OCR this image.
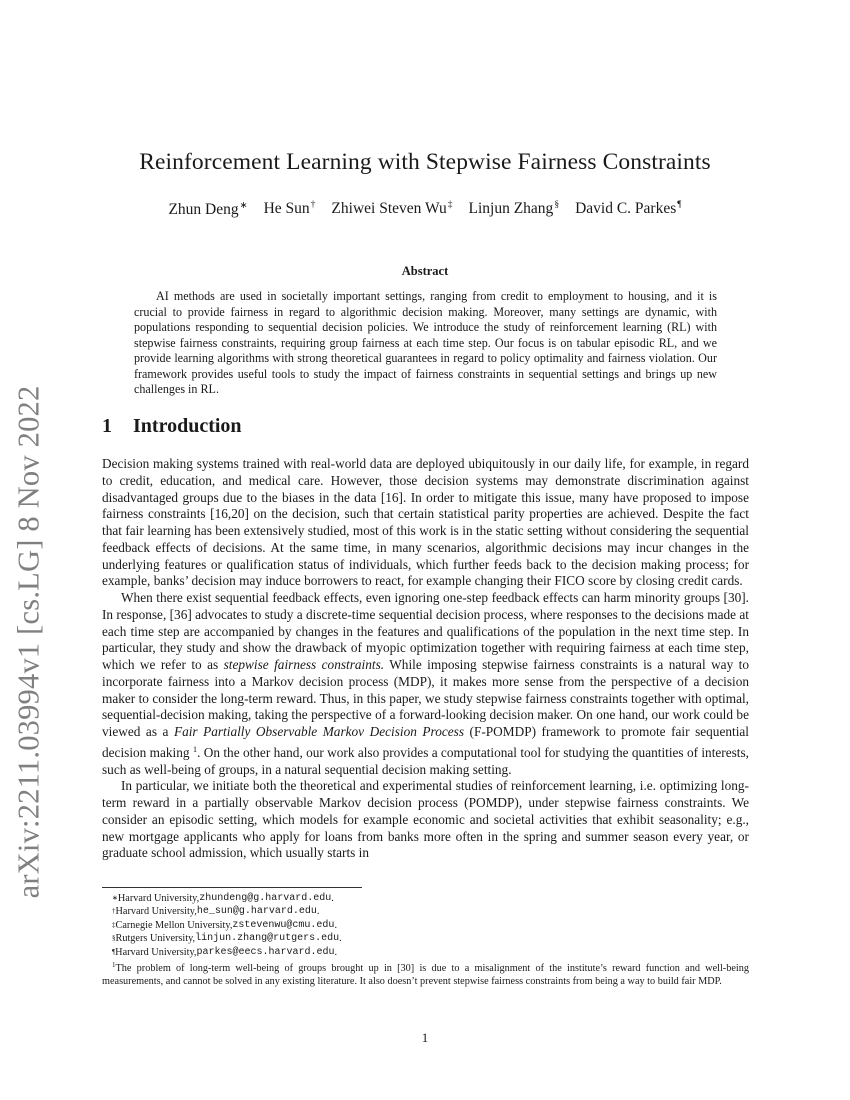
arXiv:2211.03994v1 [cs.LG] 8 Nov 2022
Reinforcement Learning with Stepwise Fairness Constraints
Zhun Deng∗ He Sun† Zhiwei Steven Wu‡ Linjun Zhang§ David C. Parkes¶
Abstract
AI methods are used in societally important settings, ranging from credit to employment to housing, and it is crucial to provide fairness in regard to algorithmic decision making. Moreover, many settings are dynamic, with populations responding to sequential decision policies. We introduce the study of reinforcement learning (RL) with stepwise fairness constraints, requiring group fairness at each time step. Our focus is on tabular episodic RL, and we provide learning algorithms with strong theoretical guarantees in regard to policy optimality and fairness violation. Our framework provides useful tools to study the impact of fairness constraints in sequential settings and brings up new challenges in RL.
1 Introduction

Decision making systems trained with real-world data are deployed ubiquitously in our daily life, for example, in regard to credit, education, and medical care. However, those decision systems may demonstrate discrimination against disadvantaged groups due to the biases in the data [16]. In order to mitigate this issue, many have proposed to impose fairness constraints [16,20] on the decision, such that certain statistical parity properties are achieved. Despite the fact that fair learning has been extensively studied, most of this work is in the static setting without considering the sequential feedback effects of decisions. At the same time, in many scenarios, algorithmic decisions may incur changes in the underlying features or qualification status of individuals, which further feeds back to the decision making process; for example, banks’ decision may induce borrowers to react, for example changing their FICO score by closing credit cards.

When there exist sequential feedback effects, even ignoring one-step feedback effects can harm minority groups [30]. In response, [36] advocates to study a discrete-time sequential decision process, where responses to the decisions made at each time step are accompanied by changes in the features and qualifications of the population in the next time step. In particular, they study and show the drawback of myopic optimization together with requiring fairness at each time step, which we refer to as stepwise fairness constraints. While imposing stepwise fairness constraints is a natural way to incorporate fairness into a Markov decision process (MDP), it makes more sense from the perspective of a decision maker to consider the long-term reward. Thus, in this paper, we study stepwise fairness constraints together with optimal, sequential-decision making, taking the perspective of a forward-looking decision maker. On one hand, our work could be viewed as a Fair Partially Observable Markov Decision Process (F-POMDP) framework to promote fair sequential decision making $^1$. On the other hand, our work also provides a computational tool for studying the quantities of interests, such as well-being of groups, in a natural sequential decision making setting.

In particular, we initiate both the theoretical and experimental studies of reinforcement learning, i.e. optimizing long-term reward in a partially observable Markov decision process (POMDP), under stepwise fairness constraints. We consider an episodic setting, which models for example economic and societal activities that exhibit seasonality; e.g., new mortgage applicants who apply for loans from banks more often in the spring and summer season every year, or graduate school admission, which usually starts in

∗ Harvard University, zhundeng@g.harvard.edu .
† Harvard University, he_sun@g.harvard.edu .
‡ Carnegie Mellon University, zstevenwu@cmu.edu .
§ Rutgers University, linjun.zhang@rutgers.edu .
¶ Harvard University, parkes@eecs.harvard.edu .
$^1$The problem of long-term well-being of groups brought up in [30] is due to a misalignment of the institute’s reward function and well-being measurements, and cannot be solved in any existing literature. It also doesn’t prevent stepwise fairness constraints from being a way to build fair MDP.
1
